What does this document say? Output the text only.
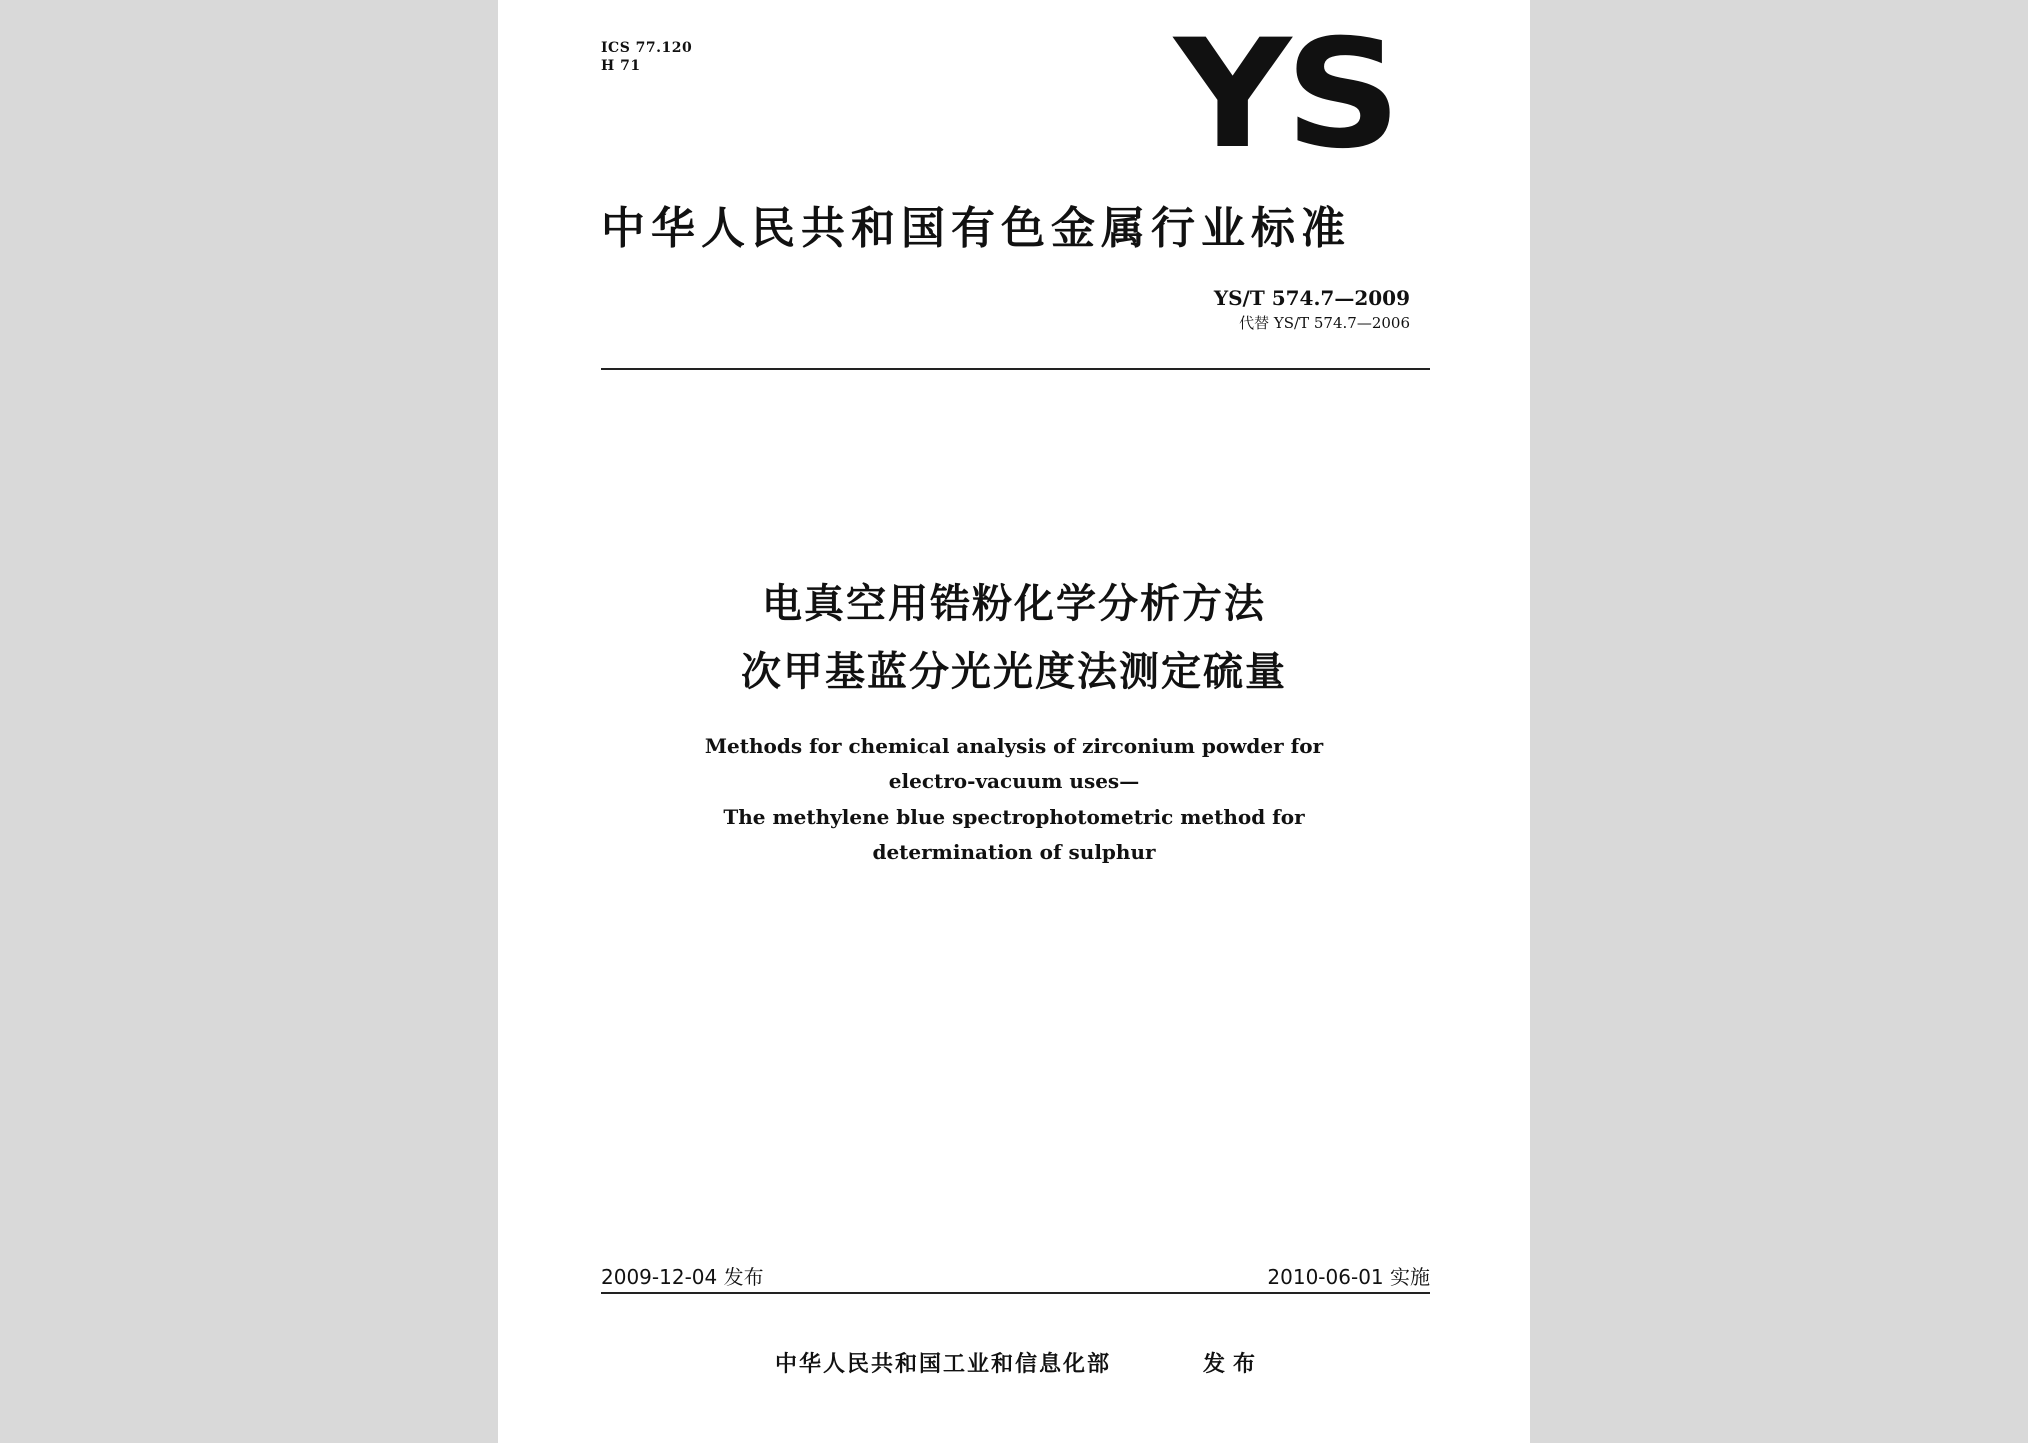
ICS 77.120
H 71	YS
中华人民共和国有色金属行业标准
YS/T 574.7—2009
代替 YS/T 574.7—2006
电真空用锆粉化学分析方法
次甲基蓝分光光度法测定硫量
Methods for chemical analysis of zirconium powder for
electro-vacuum uses—
The methylene blue spectrophotometric method for
determination of sulphur
2009-12-04 发布	2010-06-01 实施
中华人民共和国工业和信息化部	发布
